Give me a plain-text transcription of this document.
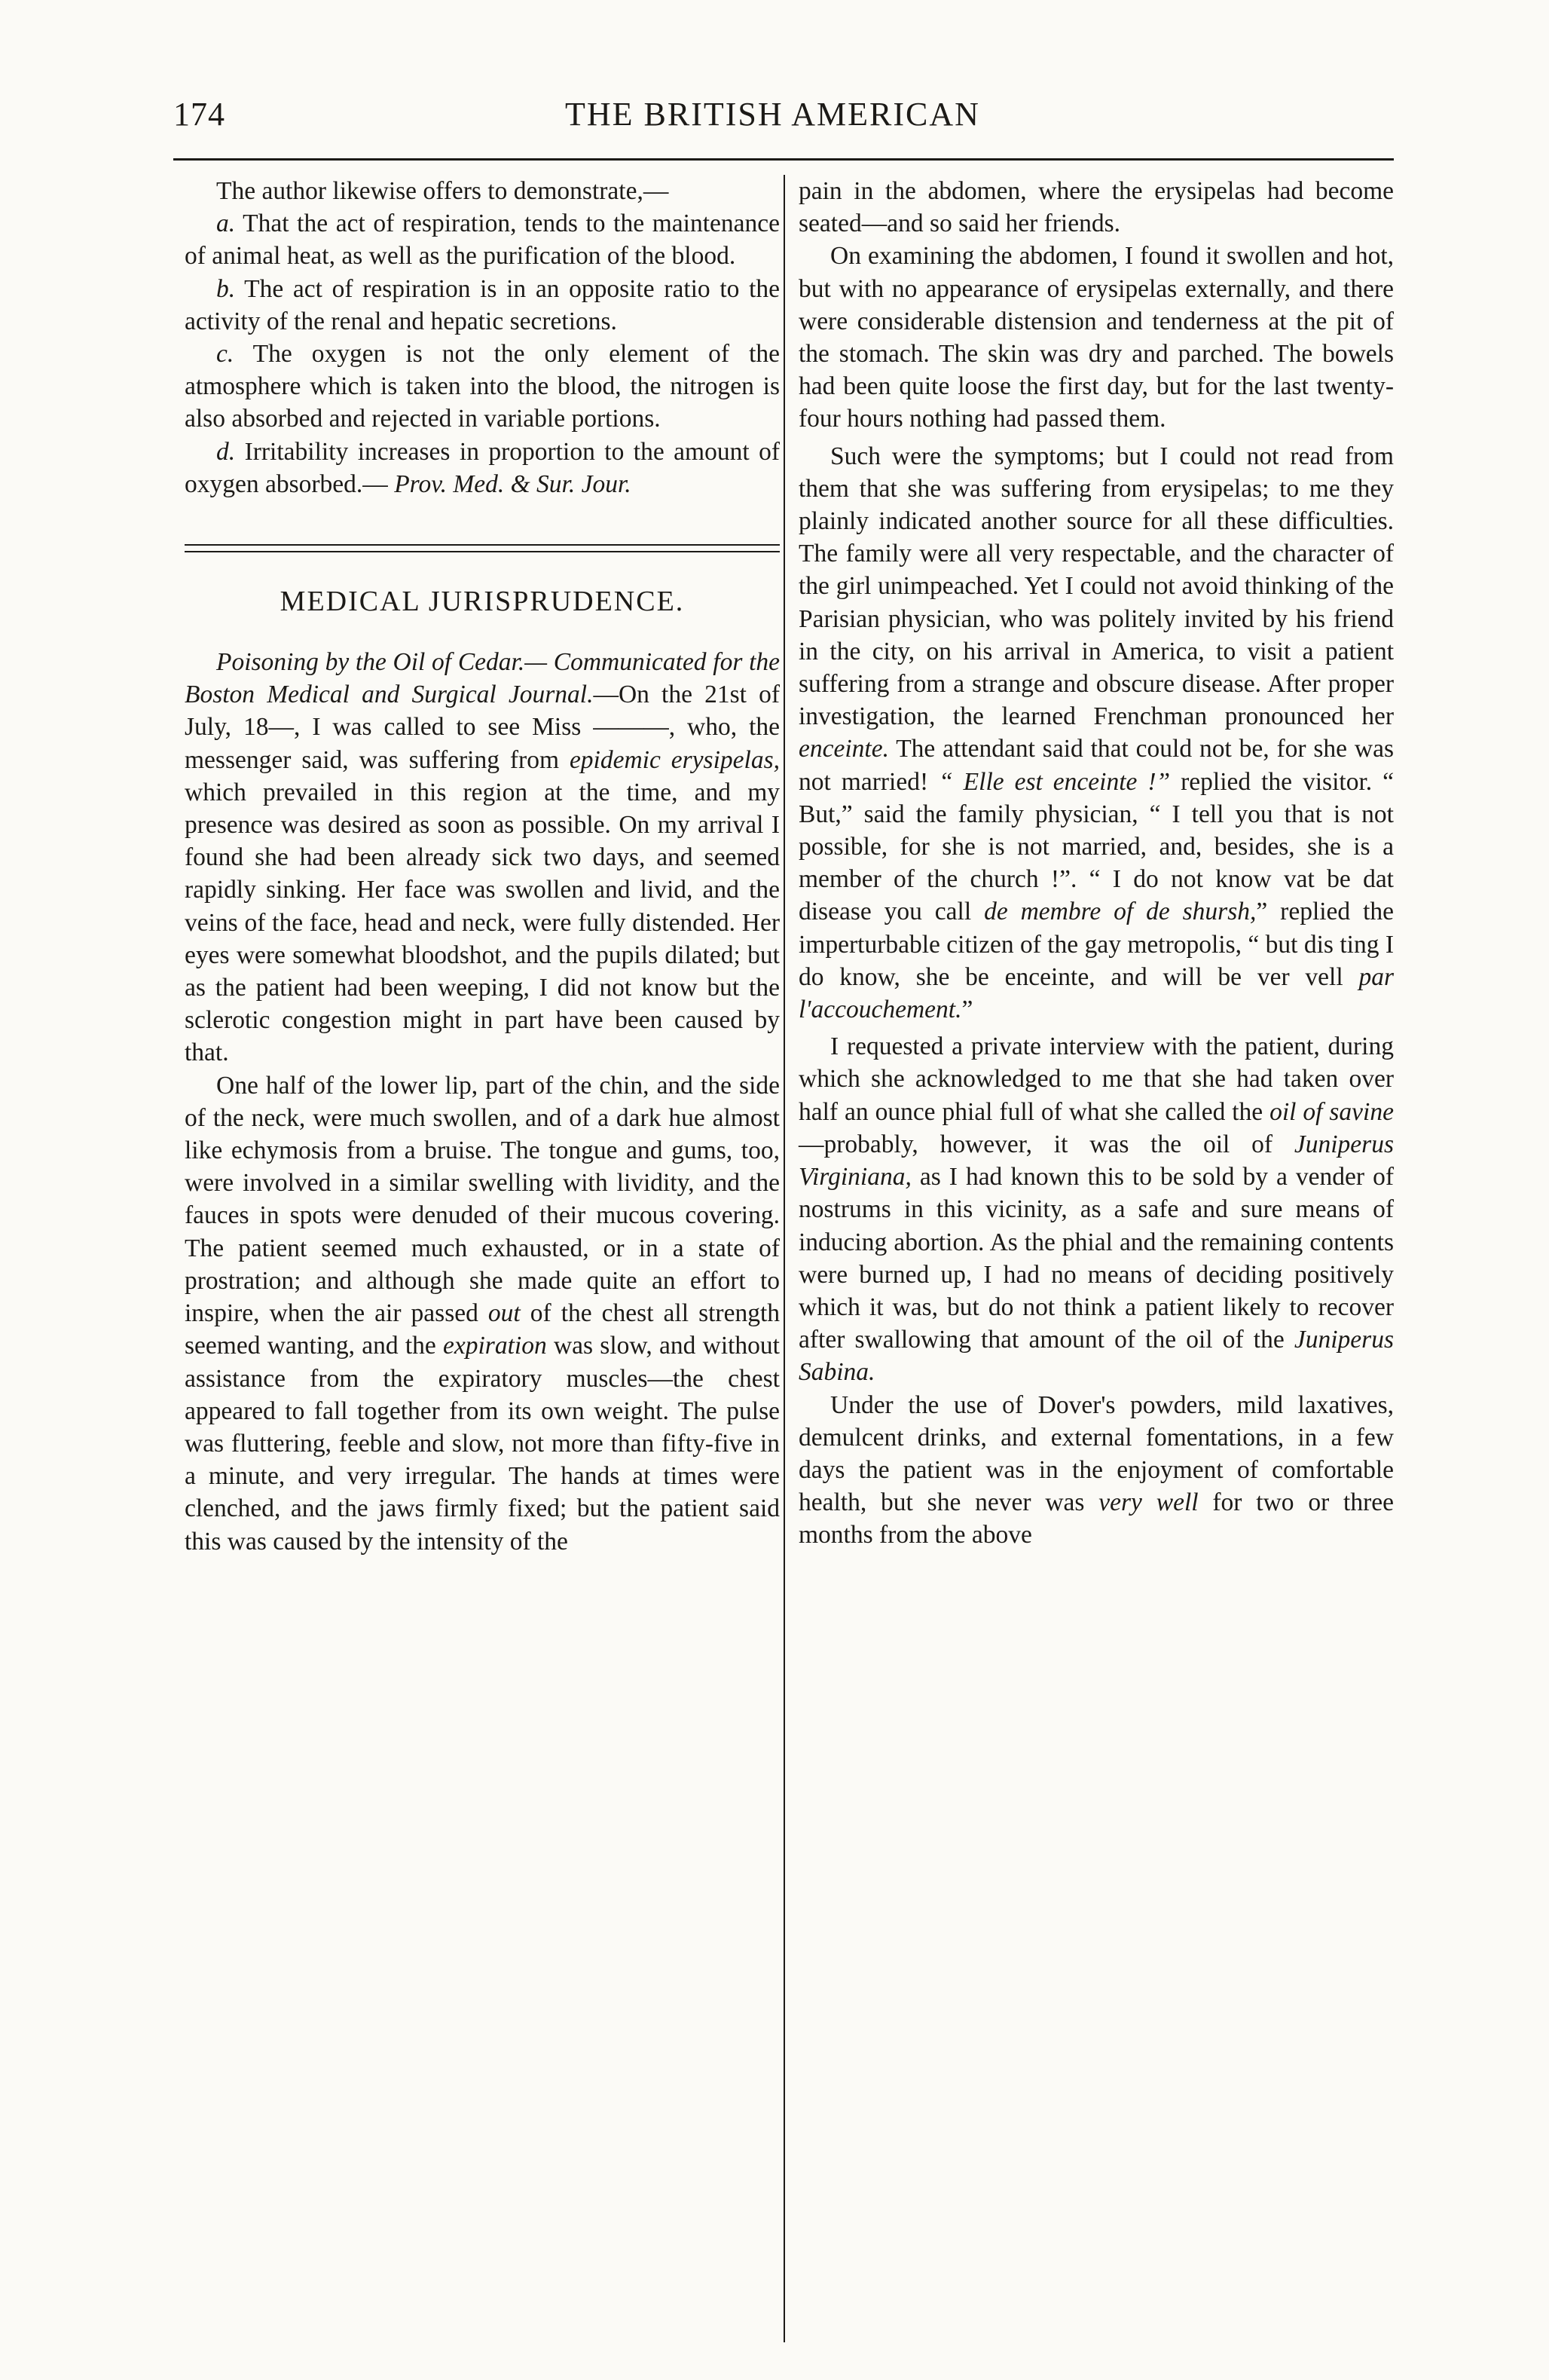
174	THE BRITISH AMERICAN

The author likewise offers to demonstrate,—

a. That the act of respiration, tends to the maintenance of animal heat, as well as the purification of the blood.

b. The act of respiration is in an opposite ratio to the activity of the renal and hepatic secretions.

c. The oxygen is not the only element of the atmosphere which is taken into the blood, the nitrogen is also absorbed and rejected in variable portions.

d. Irritability increases in proportion to the amount of oxygen absorbed.— Prov. Med. & Sur. Jour.

MEDICAL JURISPRUDENCE.

Poisoning by the Oil of Cedar.— Communicated for the Boston Medical and Surgical Journal.—On the 21st of July, 18—, I was called to see Miss ———, who, the messenger said, was suffering from epidemic erysipelas, which prevailed in this region at the time, and my presence was desired as soon as possible. On my arrival I found she had been already sick two days, and seemed rapidly sinking. Her face was swollen and livid, and the veins of the face, head and neck, were fully distended. Her eyes were somewhat bloodshot, and the pupils dilated; but as the patient had been weeping, I did not know but the sclerotic congestion might in part have been caused by that.

One half of the lower lip, part of the chin, and the side of the neck, were much swollen, and of a dark hue almost like echymosis from a bruise. The tongue and gums, too, were involved in a similar swelling with lividity, and the fauces in spots were denuded of their mucous covering. The patient seemed much exhausted, or in a state of prostration; and although she made quite an effort to inspire, when the air passed out of the chest all strength seemed wanting, and the expiration was slow, and without assistance from the expiratory muscles—the chest appeared to fall together from its own weight. The pulse was fluttering, feeble and slow, not more than fifty-five in a minute, and very irregular. The hands at times were clenched, and the jaws firmly fixed; but the patient said this was caused by the intensity of the

pain in the abdomen, where the erysipelas had become seated—and so said her friends.

On examining the abdomen, I found it swollen and hot, but with no appearance of erysipelas externally, and there were considerable distension and tenderness at the pit of the stomach. The skin was dry and parched. The bowels had been quite loose the first day, but for the last twenty-four hours nothing had passed them.

Such were the symptoms; but I could not read from them that she was suffering from erysipelas; to me they plainly indicated another source for all these difficulties. The family were all very respectable, and the character of the girl unimpeached. Yet I could not avoid thinking of the Parisian physician, who was politely invited by his friend in the city, on his arrival in America, to visit a patient suffering from a strange and obscure disease. After proper investigation, the learned Frenchman pronounced her enceinte. The attendant said that could not be, for she was not married! “ Elle est enceinte !” replied the visitor. “ But,” said the family physician, “ I tell you that is not possible, for she is not married, and, besides, she is a member of the church !”. “ I do not know vat be dat disease you call de membre of de shursh,” replied the imperturbable citizen of the gay metropolis, “ but dis ting I do know, she be enceinte, and will be ver vell par l'accouchement.”

I requested a private interview with the patient, during which she acknowledged to me that she had taken over half an ounce phial full of what she called the oil of savine—probably, however, it was the oil of Juniperus Virginiana, as I had known this to be sold by a vender of nostrums in this vicinity, as a safe and sure means of inducing abortion. As the phial and the remaining contents were burned up, I had no means of deciding positively which it was, but do not think a patient likely to recover after swallowing that amount of the oil of the Juniperus Sabina.

Under the use of Dover's powders, mild laxatives, demulcent drinks, and external fomentations, in a few days the patient was in the enjoyment of comfortable health, but she never was very well for two or three months from the above
